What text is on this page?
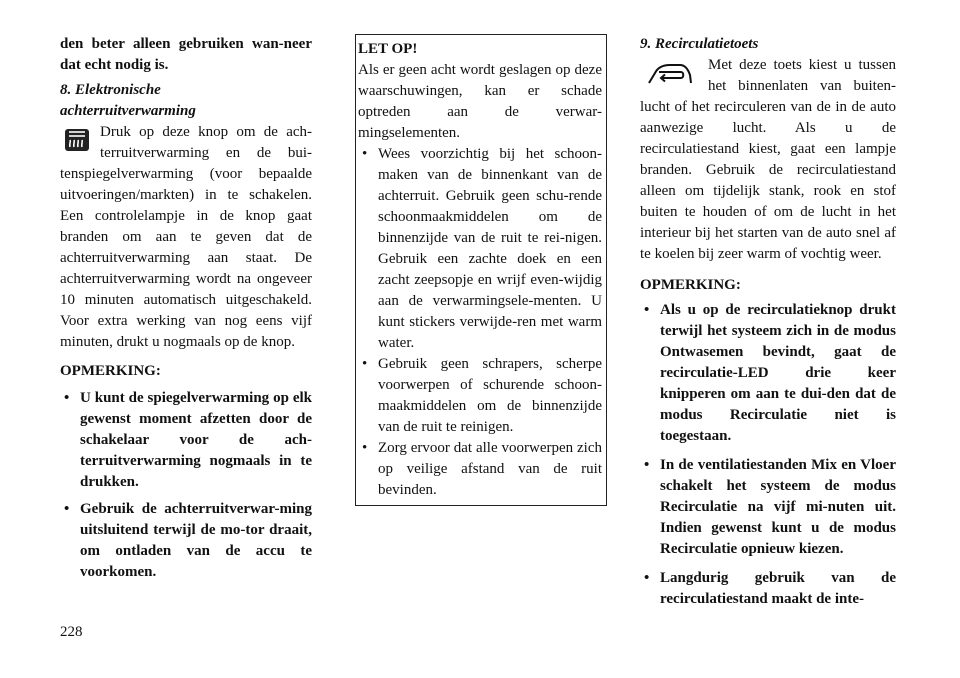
den beter alleen gebruiken wan-neer dat echt nodig is.

8. Elektronische
achterruitverwarming

Druk op deze knop om de ach-terruitverwarming en de bui-tenspiegelverwarming (voor bepaalde uitvoeringen/markten) in te schakelen. Een controlelampje in de knop gaat branden om aan te geven dat de achterruitverwarming aan staat. De achterruitverwarming wordt na ongeveer 10 minuten automatisch uitgeschakeld. Voor extra werking van nog eens vijf minuten, drukt u nogmaals op de knop.

OPMERKING:

• U kunt de spiegelverwarming op elk gewenst moment afzetten door de schakelaar voor de ach-terruitverwarming nogmaals in te drukken.
• Gebruik de achterruitverwar-ming uitsluitend terwijl de mo-tor draait, om ontladen van de accu te voorkomen.

LET OP!

Als er geen acht wordt geslagen op deze waarschuwingen, kan er schade optreden aan de verwar-mingselementen.

• Wees voorzichtig bij het schoon-maken van de binnenkant van de achterruit. Gebruik geen schu-rende schoonmaakmiddelen om de binnenzijde van de ruit te rei-nigen. Gebruik een zachte doek en een zacht zeepsopje en wrijf even-wijdig aan de verwarmingsele-menten. U kunt stickers verwijde-ren met warm water.
• Gebruik geen schrapers, scherpe voorwerpen of schurende schoon-maakmiddelen om de binnenzijde van de ruit te reinigen.
• Zorg ervoor dat alle voorwerpen zich op veilige afstand van de ruit bevinden.

9. Recirculatietoets

Met deze toets kiest u tussen het binnenlaten van buiten-lucht of het recirculeren van de in de auto aanwezige lucht. Als u de recirculatiestand kiest, gaat een lampje branden. Gebruik de recirculatiestand alleen om tijdelijk stank, rook en stof buiten te houden of om de lucht in het interieur bij het starten van de auto snel af te koelen bij zeer warm of vochtig weer.

OPMERKING:

• Als u op de recirculatieknop drukt terwijl het systeem zich in de modus Ontwasemen bevindt, gaat de recirculatie-LED drie keer knipperen om aan te dui-den dat de modus Recirculatie niet is toegestaan.
• In de ventilatiestanden Mix en Vloer schakelt het systeem de modus Recirculatie na vijf mi-nuten uit. Indien gewenst kunt u de modus Recirculatie opnieuw kiezen.
• Langdurig gebruik van de recirculatiestand maakt de inte-
228
